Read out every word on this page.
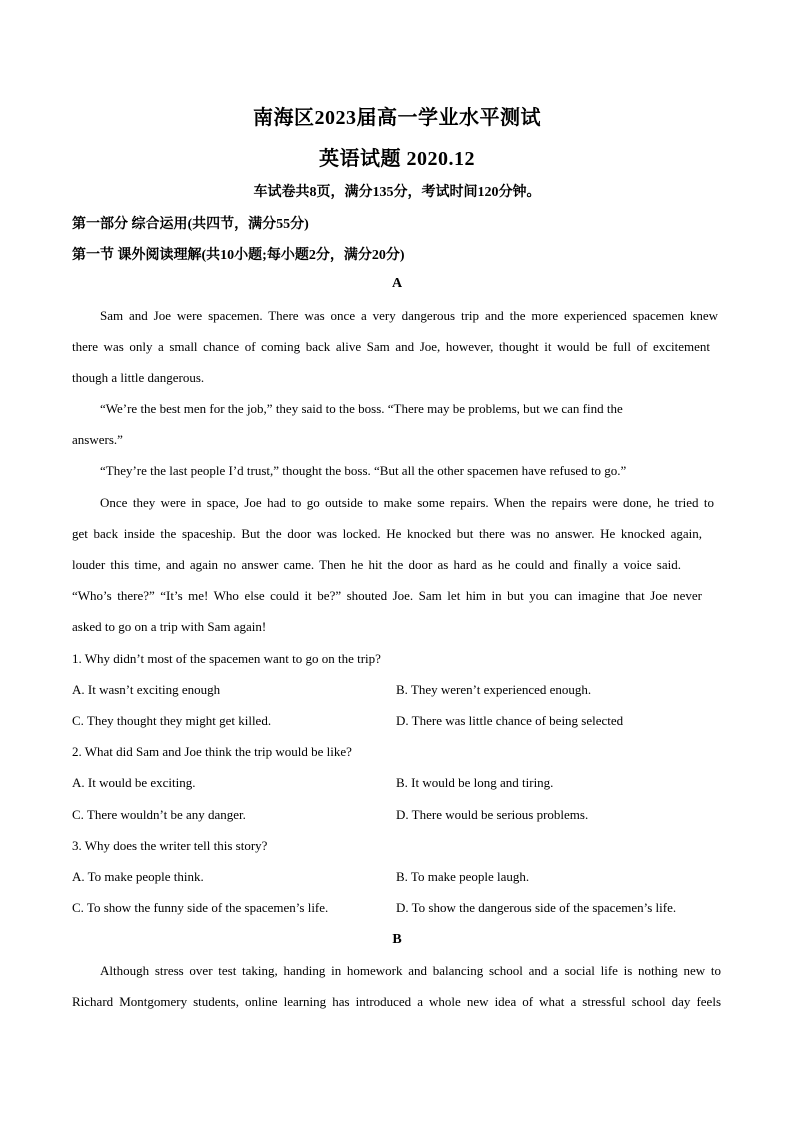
南海区2023届高一学业水平测试
英语试题 2020.12
车试卷共8页，满分135分，考试时间120分钟。
第一部分 综合运用(共四节，满分55分)
第一节 课外阅读理解(共10小题;每小题2分，满分20分)
A
Sam and Joe were spacemen. There was once a very dangerous trip and the more experienced spacemen knew
there was only a small chance of coming back alive Sam and Joe, however, thought it would be full of excitement
though a little dangerous.
“We’re the best men for the job,” they said to the boss. “There may be problems, but we can find the
answers.”
“They’re the last people I’d trust,” thought the boss. “But all the other spacemen have refused to go.”
Once they were in space, Joe had to go outside to make some repairs. When the repairs were done, he tried to
get back inside the spaceship. But the door was locked. He knocked but there was no answer. He knocked again,
louder this time, and again no answer came. Then he hit the door as hard as he could and finally a voice said.
“Who’s there?” “It’s me! Who else could it be?” shouted Joe. Sam let him in but you can imagine that Joe never
asked to go on a trip with Sam again!
1. Why didn’t most of the spacemen want to go on the trip?
A. It wasn’t exciting enough	B. They weren’t experienced enough.
C. They thought they might get killed.	D. There was little chance of being selected
2. What did Sam and Joe think the trip would be like?
A. It would be exciting.	B. It would be long and tiring.
C. There wouldn’t be any danger.	D. There would be serious problems.
3. Why does the writer tell this story?
A. To make people think.	B. To make people laugh.
C. To show the funny side of the spacemen’s life.	D. To show the dangerous side of the spacemen’s life.
B
Although stress over test taking, handing in homework and balancing school and a social life is nothing new to
Richard Montgomery students, online learning has introduced a whole new idea of what a stressful school day feels
